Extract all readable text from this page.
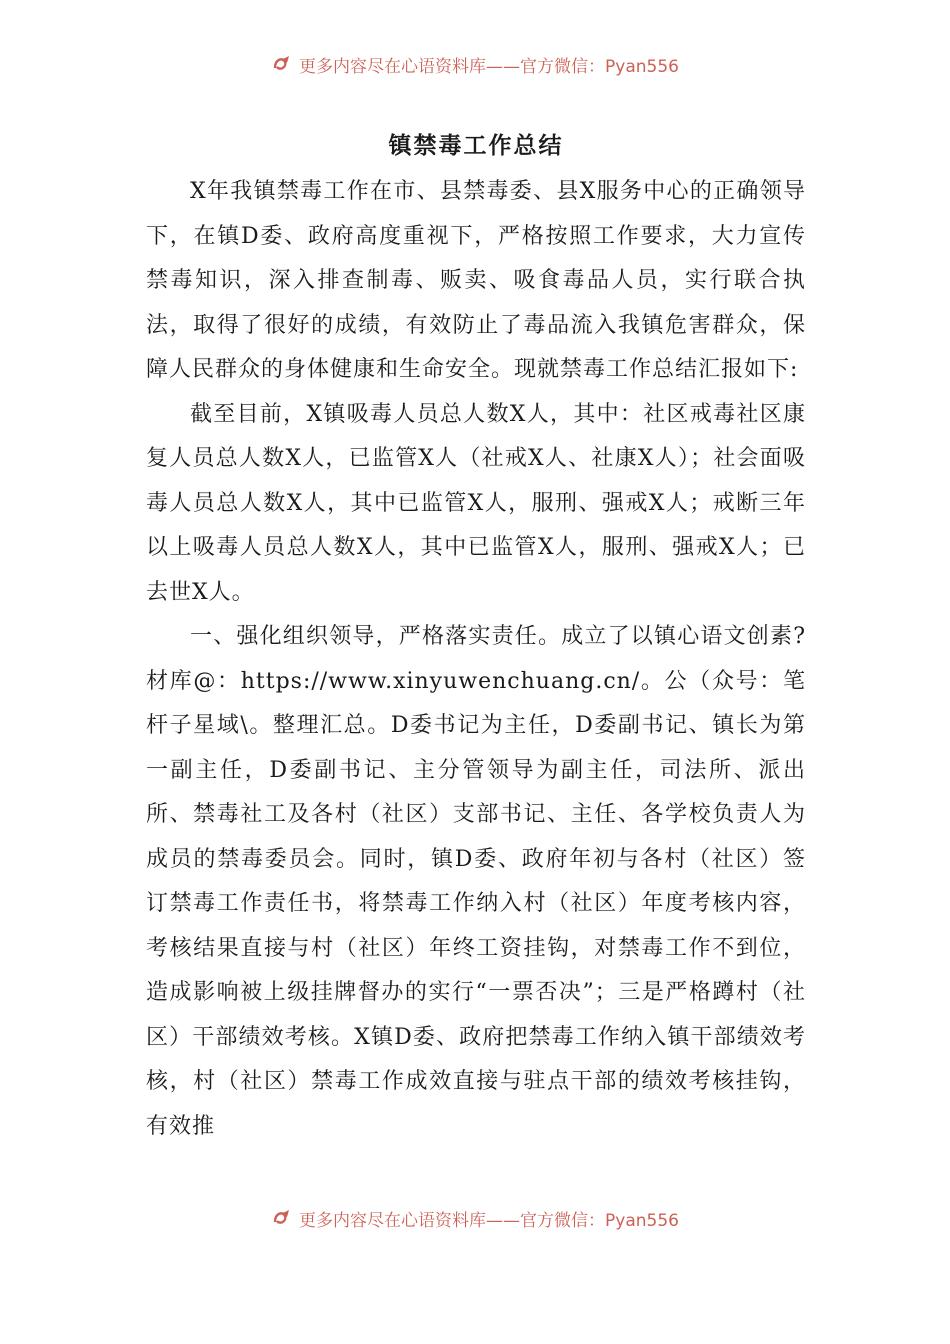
更多内容尽在心语资料库——官方微信：Pyan556
镇禁毒工作总结

X年我镇禁毒工作在市、县禁毒委、县X服务中心的正确领导下，在镇D委、政府高度重视下，严格按照工作要求，大力宣传禁毒知识，深入排查制毒、贩卖、吸食毒品人员，实行联合执法，取得了很好的成绩，有效防止了毒品流入我镇危害群众，保障人民群众的身体健康和生命安全。现就禁毒工作总结汇报如下:

截至目前，X镇吸毒人员总人数X人，其中：社区戒毒社区康复人员总人数X人，已监管X人（社戒X人、社康X人）；社会面吸毒人员总人数X人，其中已监管X人，服刑、强戒X人；戒断三年以上吸毒人员总人数X人，其中已监管X人，服刑、强戒X人；已去世X人。

一、强化组织领导，严格落实责任。成立了以镇心语文创素?材库@：https://www.xinyuwenchuang.cn/。公（众号：笔杆子星域\。整理汇总。D委书记为主任，D委副书记、镇长为第一副主任，D委副书记、主分管领导为副主任，司法所、派出所、禁毒社工及各村（社区）支部书记、主任、各学校负责人为成员的禁毒委员会。同时，镇D委、政府年初与各村（社区）签订禁毒工作责任书，将禁毒工作纳入村（社区）年度考核内容，考核结果直接与村（社区）年终工资挂钩，对禁毒工作不到位，造成影响被上级挂牌督办的实行“一票否决”；三是严格蹲村（社区）干部绩效考核。X镇D委、政府把禁毒工作纳入镇干部绩效考核，村（社区）禁毒工作成效直接与驻点干部的绩效考核挂钩，有效推

更多内容尽在心语资料库——官方微信：Pyan556
